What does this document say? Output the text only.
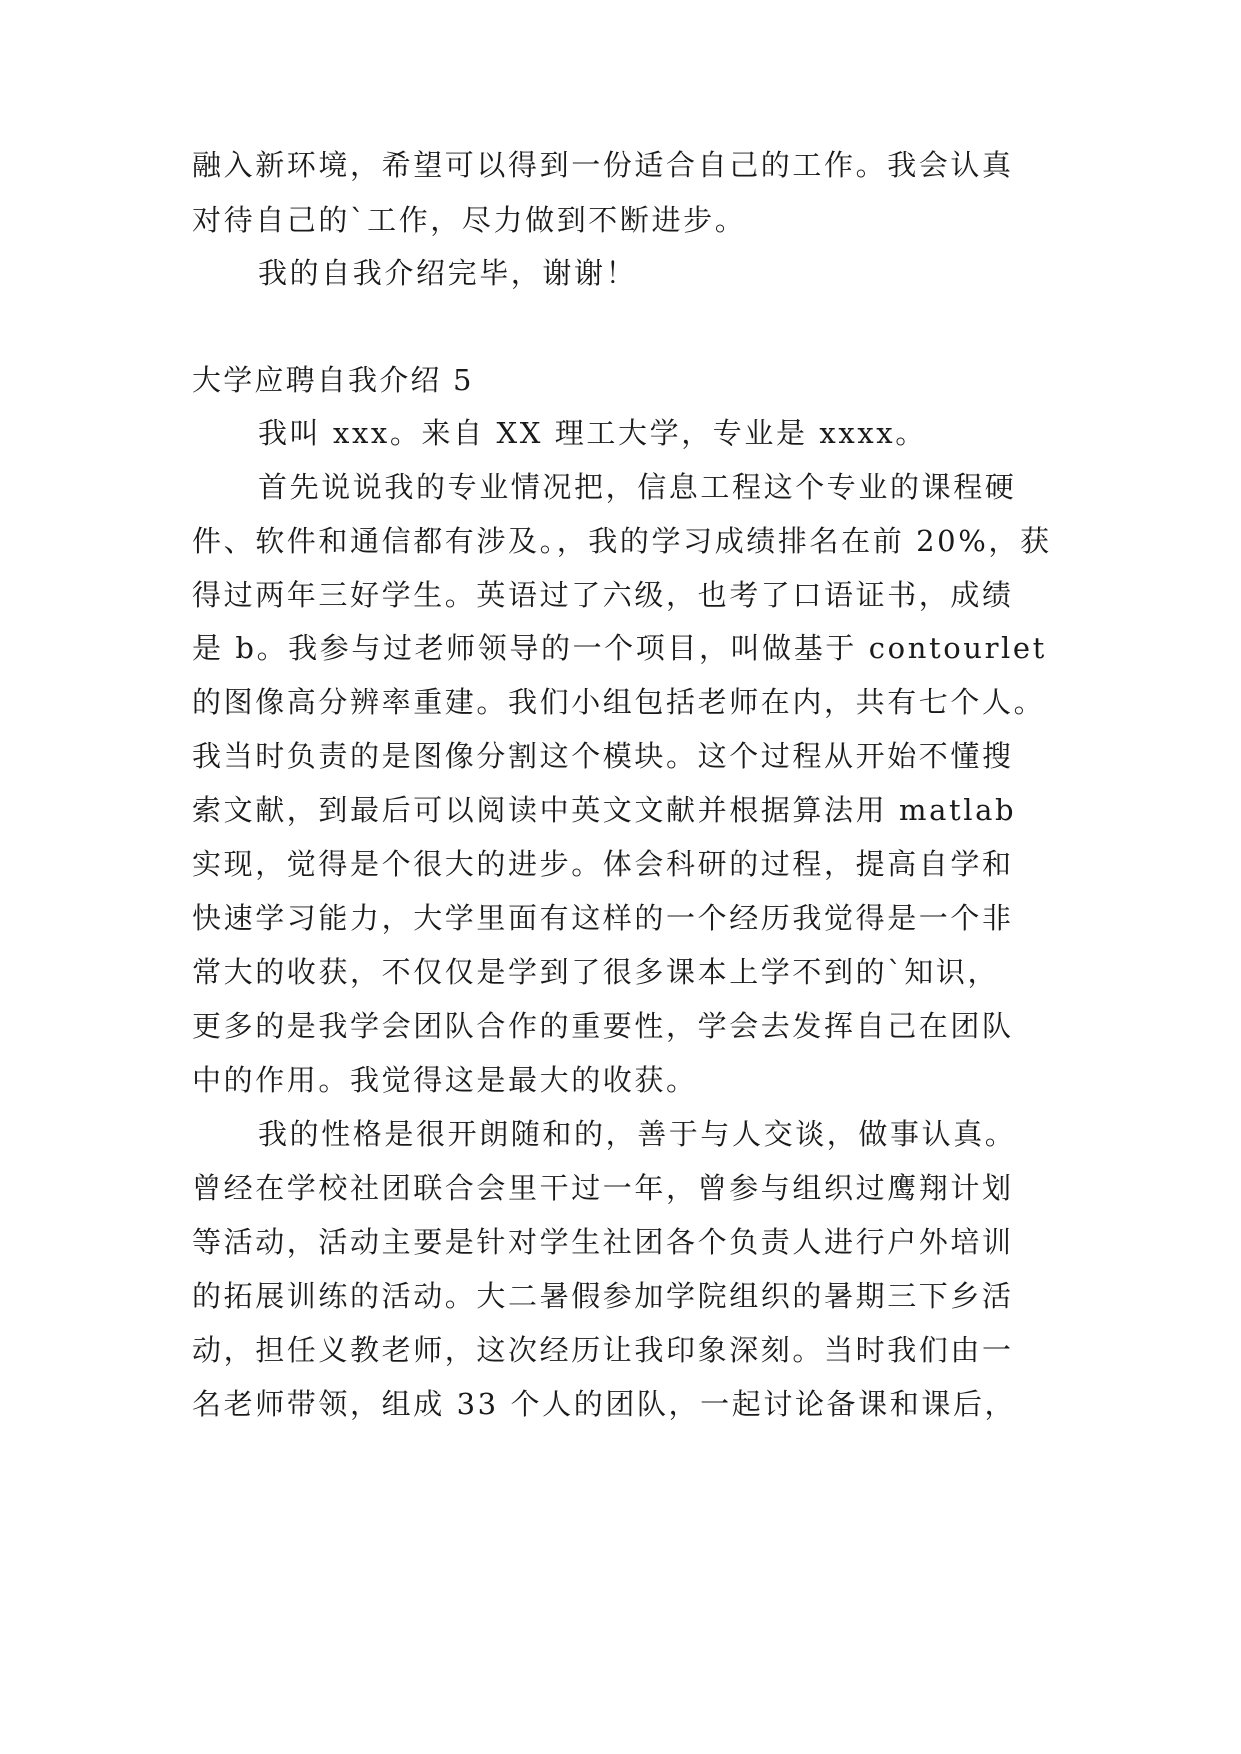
融入新环境，希望可以得到一份适合自己的工作。我会认真
对待自己的`工作，尽力做到不断进步。
我的自我介绍完毕，谢谢！
大学应聘自我介绍 5
我叫 xxx。来自 XX 理工大学，专业是 xxxx。
首先说说我的专业情况把，信息工程这个专业的课程硬
件、软件和通信都有涉及。，我的学习成绩排名在前 20%，获
得过两年三好学生。英语过了六级，也考了口语证书，成绩
是 b。我参与过老师领导的一个项目，叫做基于 contourlet
的图像高分辨率重建。我们小组包括老师在内，共有七个人。
我当时负责的是图像分割这个模块。这个过程从开始不懂搜
索文献，到最后可以阅读中英文文献并根据算法用 matlab
实现，觉得是个很大的进步。体会科研的过程，提高自学和
快速学习能力，大学里面有这样的一个经历我觉得是一个非
常大的收获，不仅仅是学到了很多课本上学不到的`知识，
更多的是我学会团队合作的重要性，学会去发挥自己在团队
中的作用。我觉得这是最大的收获。
我的性格是很开朗随和的，善于与人交谈，做事认真。
曾经在学校社团联合会里干过一年，曾参与组织过鹰翔计划
等活动，活动主要是针对学生社团各个负责人进行户外培训
的拓展训练的活动。大二暑假参加学院组织的暑期三下乡活
动，担任义教老师，这次经历让我印象深刻。当时我们由一
名老师带领，组成 33 个人的团队，一起讨论备课和课后，
